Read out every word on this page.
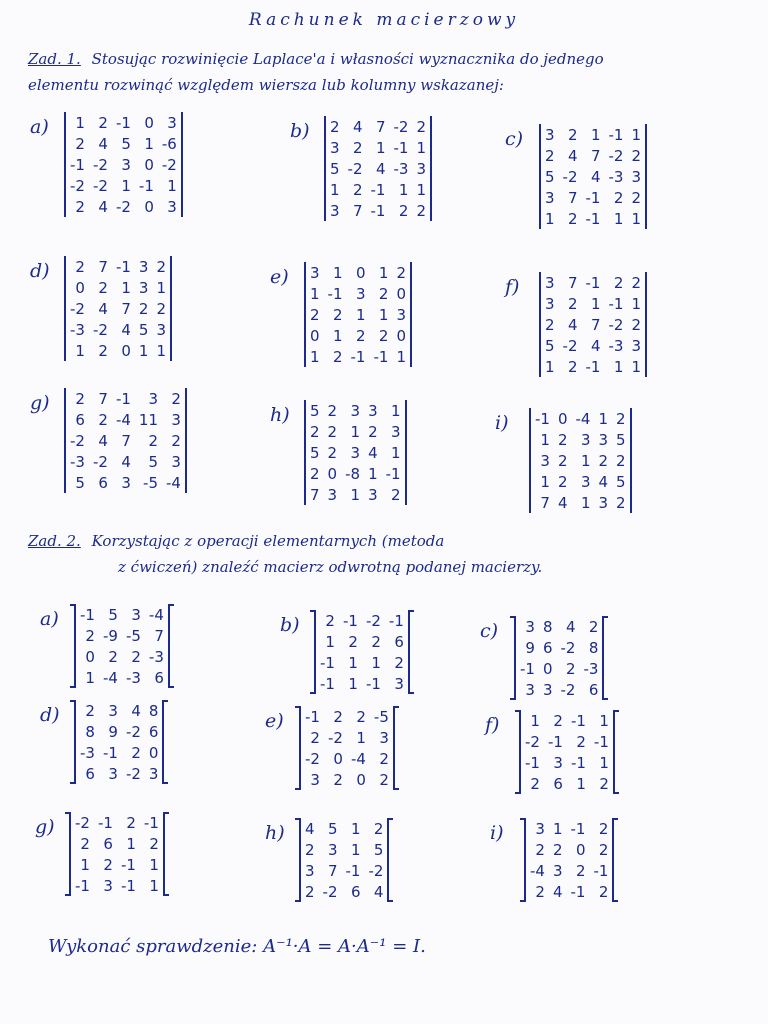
Rachunek macierzowy
Zad. 1. Stosując rozwinięcie Laplace'a i własności wyznacznika do jednego
elementu rozwinąć względem wiersza lub kolumny wskazanej:
a) 1	2	-1	0	3
2	4	5	1	-6
-1	-2	3	0	-2
-2	-2	1	-1	1
2	4	-2	0	3
b) 2	4	7	-2	2
3	2	1	-1	1
5	-2	4	-3	3
1	2	-1	1	1
3	7	-1	2	2
c) 3	2	1	-1	1
2	4	7	-2	2
5	-2	4	-3	3
3	7	-1	2	2
1	2	-1	1	1
d) 2	7	-1	3	2
0	2	1	3	1
-2	4	7	2	2
-3	-2	4	5	3
1	2	0	1	1
e) 3	1	0	1	2
1	-1	3	2	0
2	2	1	1	3
0	1	2	2	0
1	2	-1	-1	1
f)	3	7	-1	2	2
3	2	1	-1	1
2	4	7	-2	2
5	-2	4	-3	3
1	2	-1	1	1
g) 2	7	-1	3	2
6	2	-4	11	3
-2	4	7	2	2
-3	-2	4	5	3
5	6	3	-5	-4
h) 5	2	3	3	1
2	2	1	2	3
5	2	3	4	1
2	0	-8	1	-1
7	3	1	3	2
i)	-1	0	-4	1	2
1	2	3	3	5
3	2	1	2	2
1	2	3	4	5
7	4	1	3	2
Zad. 2. Korzystając z operacji elementarnych (metoda
z ćwiczeń) znaleźć macierz odwrotną podanej macierzy.
a) -1	5	3	-4
2	-9	-5	7
0	2	2	-3
1	-4	-3	6
b) 2	-1	-2	-1
1	2	2	6
-1	1	1	2
-1	1	-1	3
c) 3	8	4	2
9	6	-2	8
-1	0	2	-3
3	3	-2	6
d) 2	3	4	8
8	9	-2	6
-3	-1	2	0
6	3	-2	3
e) -1	2	2	-5
2	-2	1	3
-2	0	-4	2
3	2	0	2
f)	1	2	-1	1
-2	-1	2	-1
-1	3	-1	1
2	6	1	2
g) -2	-1	2	-1
2	6	1	2
1	2	-1	1
-1	3	-1	1
h) 4	5	1	2
2	3	1	5
3	7	-1	-2
2	-2	6	4
i)	3	1	-1	2
2	2	0	2
-4	3	2	-1
2	4	-1	2
Wykonać sprawdzenie: A⁻¹·A = A·A⁻¹ = I.
